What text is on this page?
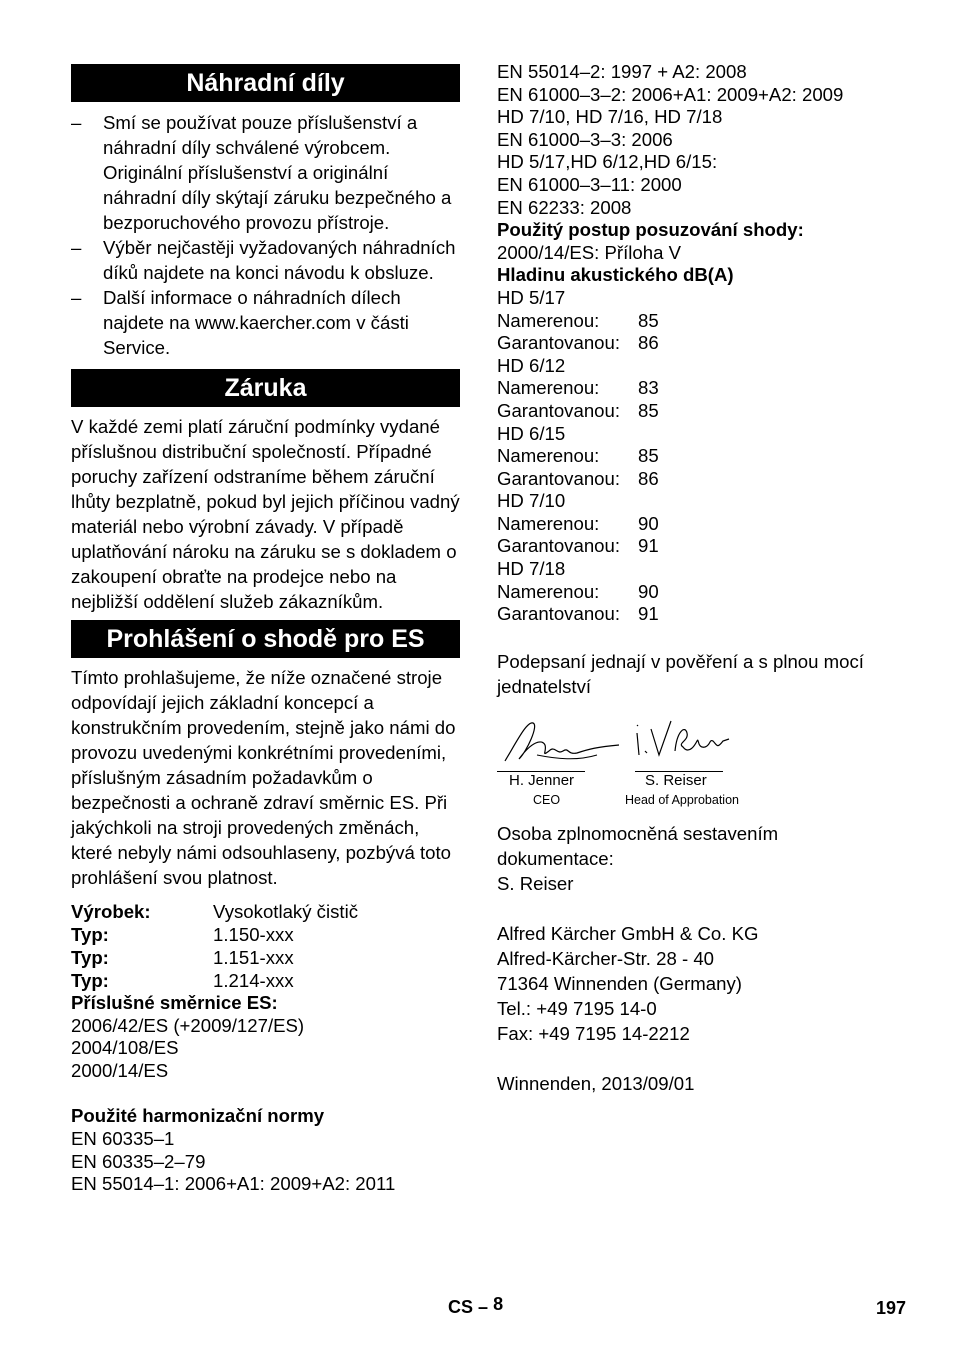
Náhradní díly
– Smí se používat pouze příslušenství a náhradní díly schválené výrobcem. Originální příslušenství a originální náhradní díly skýtají záruku bezpečného a bezporuchového provozu přístroje.
– Výběr nejčastěji vyžadovaných náhradních díků najdete na konci návodu k obsluze.
– Další informace o náhradních dílech najdete na www.kaercher.com v části Service.
Záruka

V každé zemi platí záruční podmínky vydané příslušnou distribuční společností. Případné poruchy zařízení odstraníme během záruční lhůty bezplatně, pokud byl jejich příčinou vadný materiál nebo výrobní závady. V případě uplatňování nároku na záruku se s dokladem o zakoupení obraťte na prodejce nebo na nejbližší oddělení služeb zákazníkům.

Prohlášení o shodě pro ES

Tímto prohlašujeme, že níže označené stroje odpovídají jejich základní koncepcí a konstrukčním provedením, stejně jako námi do provozu uvedenými konkrétními provedeními, příslušným zásadním požadavkům o bezpečnosti a ochraně zdraví směrnic ES. Při jakýchkoli na stroji provedených změnách, které nebyly námi odsouhlaseny, pozbývá toto prohlášení svou platnost.

Výrobek:	Vysokotlaký čistič
Typ:	1.150-xxx
Typ:	1.151-xxx
Typ:	1.214-xxx
Příslušné směrnice ES:
2006/42/ES (+2009/127/ES)
2004/108/ES
2000/14/ES
Použité harmonizační normy
EN 60335–1
EN 60335–2–79
EN 55014–1: 2006+A1: 2009+A2: 2011
EN 55014–2: 1997 + A2: 2008
EN 61000–3–2: 2006+A1: 2009+A2: 2009
HD 7/10, HD 7/16, HD 7/18
EN 61000–3–3: 2006
HD 5/17,HD 6/12,HD 6/15:
EN 61000–3–11: 2000
EN 62233: 2008
Použitý postup posuzování shody:
2000/14/ES: Příloha V
Hladinu akustického dB(A)
HD 5/17
Namerenou:	85
Garantovanou: 86
HD 6/12
Namerenou:	83
Garantovanou: 85
HD 6/15
Namerenou:	85
Garantovanou: 86
HD 7/10
Namerenou:	90
Garantovanou: 91
HD 7/18
Namerenou:	90
Garantovanou: 91

Podepsaní jednají v pověření a s plnou mocí jednatelství

H. Jenner
CEO
S. Reiser
Head of Approbation

Osoba zplnomocněná sestavením dokumentace:

S. Reiser

Alfred Kärcher GmbH & Co. KG

Alfred-Kärcher-Str. 28 - 40

71364 Winnenden (Germany)

Tel.: +49 7195 14-0

Fax: +49 7195 14-2212

Winnenden, 2013/09/01

CS – 8	197
